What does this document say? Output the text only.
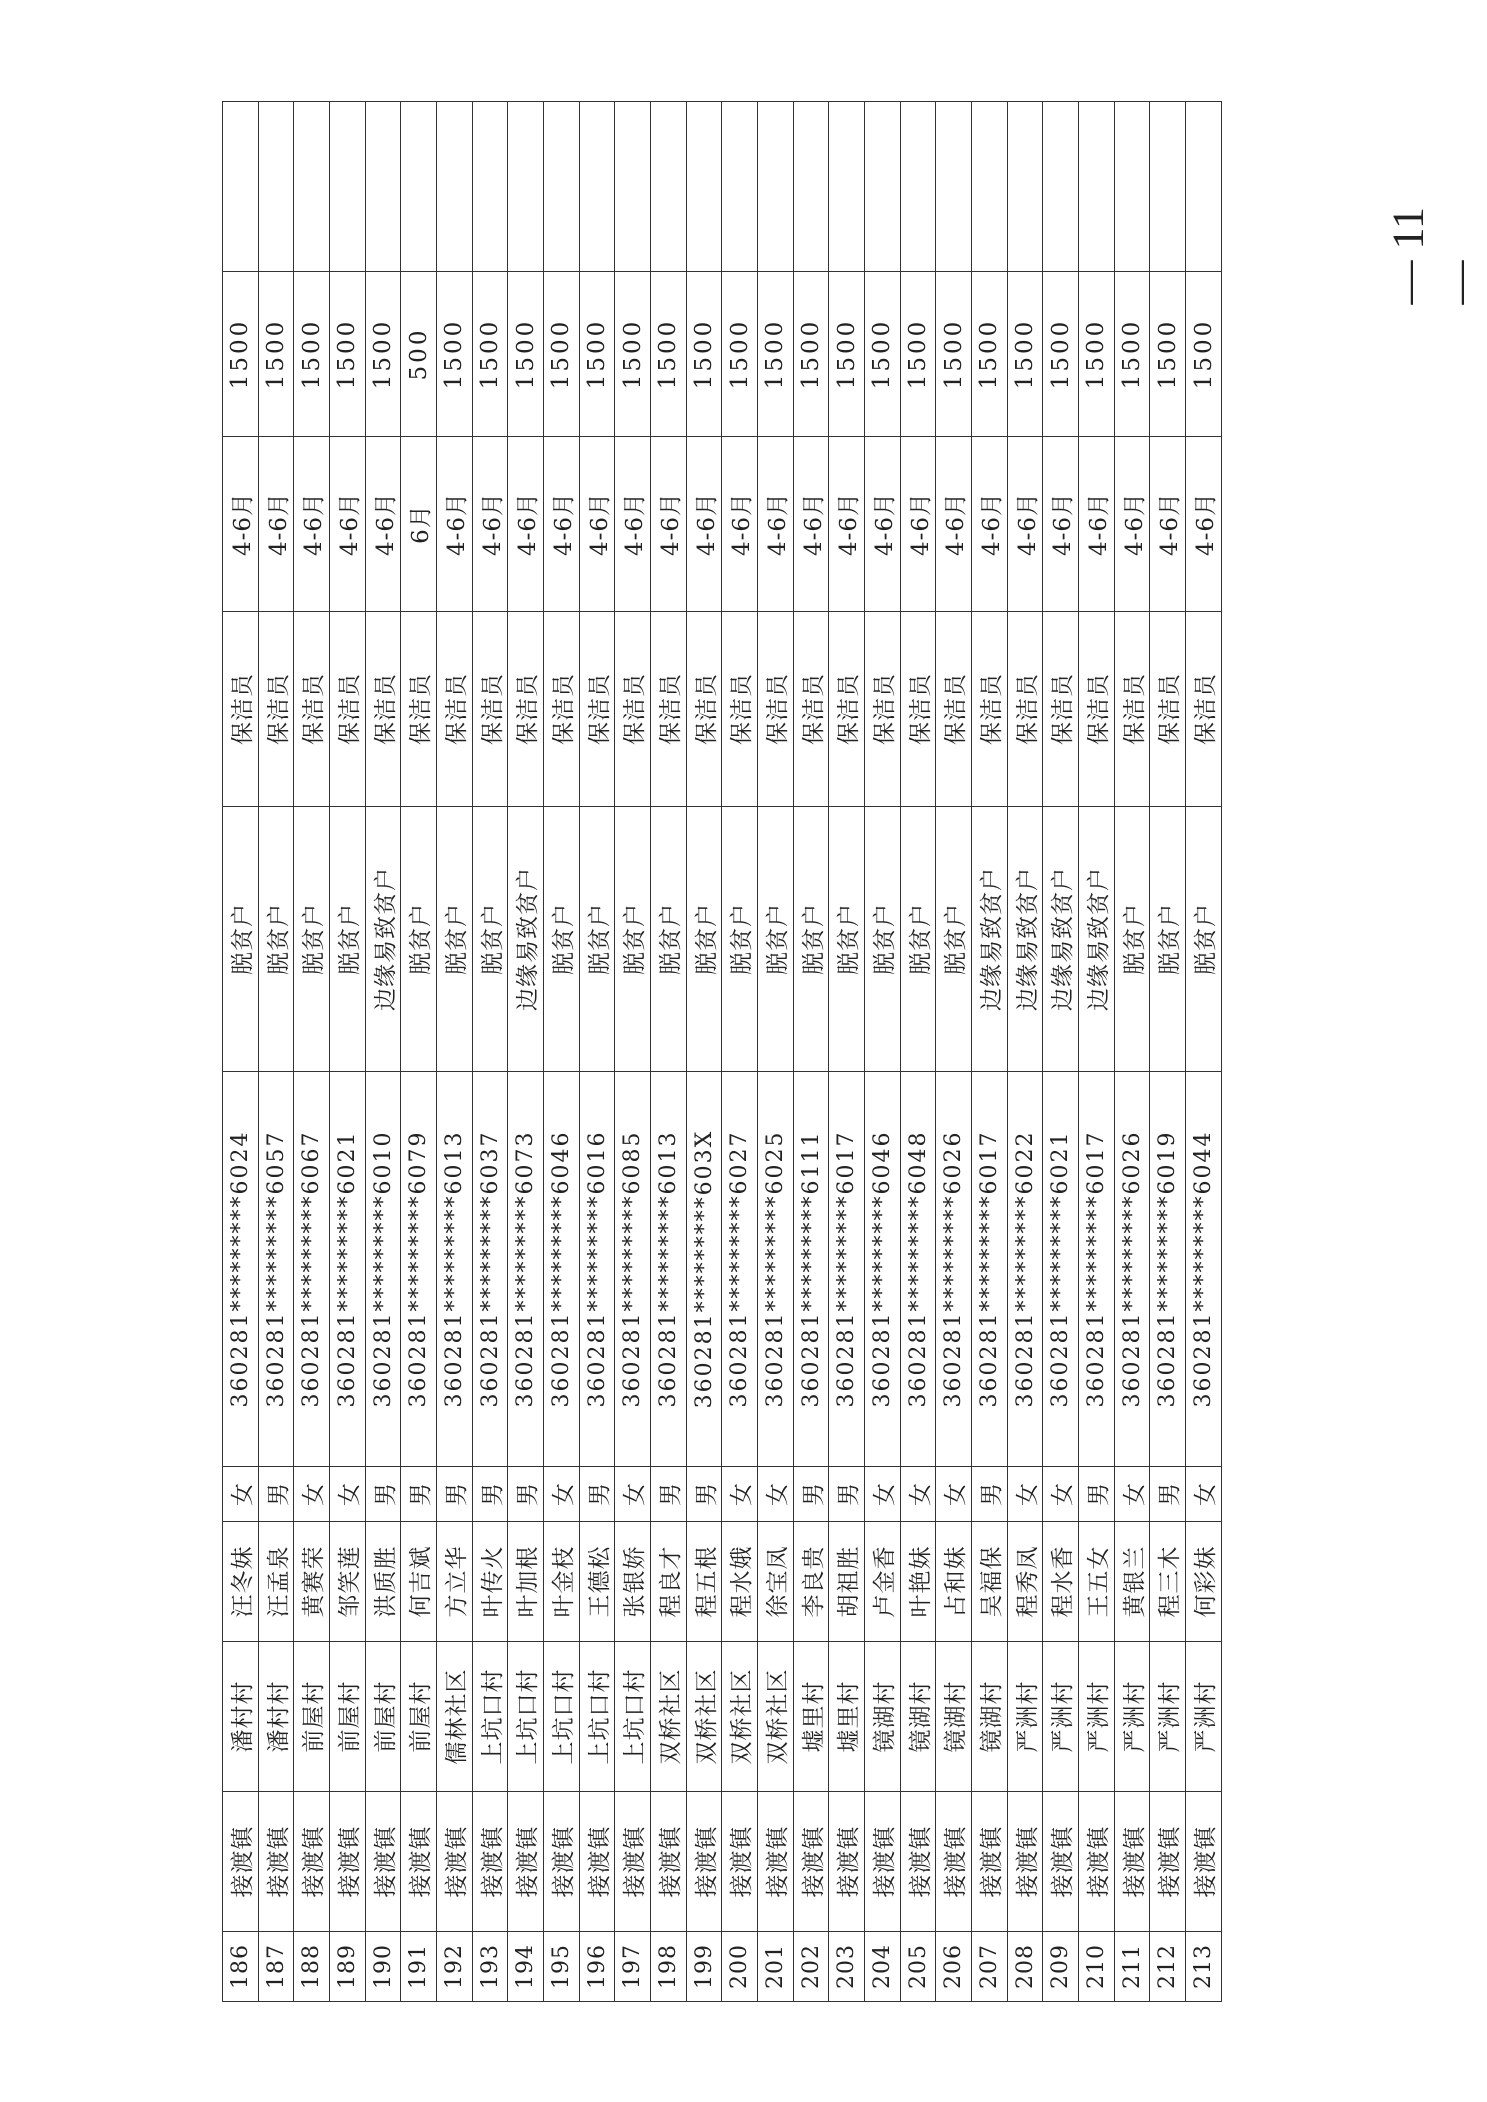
186	接渡镇	潘村村	汪冬妹	女	360281*********6024	脱贫户	保洁员	4-6月	1500	
187	接渡镇	潘村村	汪孟泉	男	360281*********6057	脱贫户	保洁员	4-6月	1500	
188	接渡镇	前屋村	黄赛荣	女	360281*********6067	脱贫户	保洁员	4-6月	1500	
189	接渡镇	前屋村	邹笑莲	女	360281*********6021	脱贫户	保洁员	4-6月	1500	
190	接渡镇	前屋村	洪质胜	男	360281*********6010	边缘易致贫户	保洁员	4-6月	1500	
191	接渡镇	前屋村	何吉斌	男	360281*********6079	脱贫户	保洁员	6月	500	
192	接渡镇	儒林社区	方立华	男	360281*********6013	脱贫户	保洁员	4-6月	1500	
193	接渡镇	上坑口村	叶传火	男	360281*********6037	脱贫户	保洁员	4-6月	1500	
194	接渡镇	上坑口村	叶加根	男	360281*********6073	边缘易致贫户	保洁员	4-6月	1500	
195	接渡镇	上坑口村	叶金枝	女	360281*********6046	脱贫户	保洁员	4-6月	1500	
196	接渡镇	上坑口村	王德松	男	360281*********6016	脱贫户	保洁员	4-6月	1500	
197	接渡镇	上坑口村	张银娇	女	360281*********6085	脱贫户	保洁员	4-6月	1500	
198	接渡镇	双桥社区	程良才	男	360281*********6013	脱贫户	保洁员	4-6月	1500	
199	接渡镇	双桥社区	程五根	男	360281*********603X	脱贫户	保洁员	4-6月	1500	
200	接渡镇	双桥社区	程水娥	女	360281*********6027	脱贫户	保洁员	4-6月	1500	
201	接渡镇	双桥社区	徐宝凤	女	360281*********6025	脱贫户	保洁员	4-6月	1500	
202	接渡镇	墟里村	李良贵	男	360281*********6111	脱贫户	保洁员	4-6月	1500	
203	接渡镇	墟里村	胡祖胜	男	360281*********6017	脱贫户	保洁员	4-6月	1500	
204	接渡镇	镜湖村	卢金香	女	360281*********6046	脱贫户	保洁员	4-6月	1500	
205	接渡镇	镜湖村	叶艳妹	女	360281*********6048	脱贫户	保洁员	4-6月	1500	
206	接渡镇	镜湖村	占和妹	女	360281*********6026	脱贫户	保洁员	4-6月	1500	
207	接渡镇	镜湖村	吴福保	男	360281*********6017	边缘易致贫户	保洁员	4-6月	1500	
208	接渡镇	严洲村	程秀凤	女	360281*********6022	边缘易致贫户	保洁员	4-6月	1500	
209	接渡镇	严洲村	程水香	女	360281*********6021	边缘易致贫户	保洁员	4-6月	1500	
210	接渡镇	严洲村	王五女	男	360281*********6017	边缘易致贫户	保洁员	4-6月	1500	
211	接渡镇	严洲村	黄银兰	女	360281*********6026	脱贫户	保洁员	4-6月	1500	
212	接渡镇	严洲村	程三木	男	360281*********6019	脱贫户	保洁员	4-6月	1500	
213	接渡镇	严洲村	何彩妹	女	360281*********6044	脱贫户	保洁员	4-6月	1500	
— 11 —
